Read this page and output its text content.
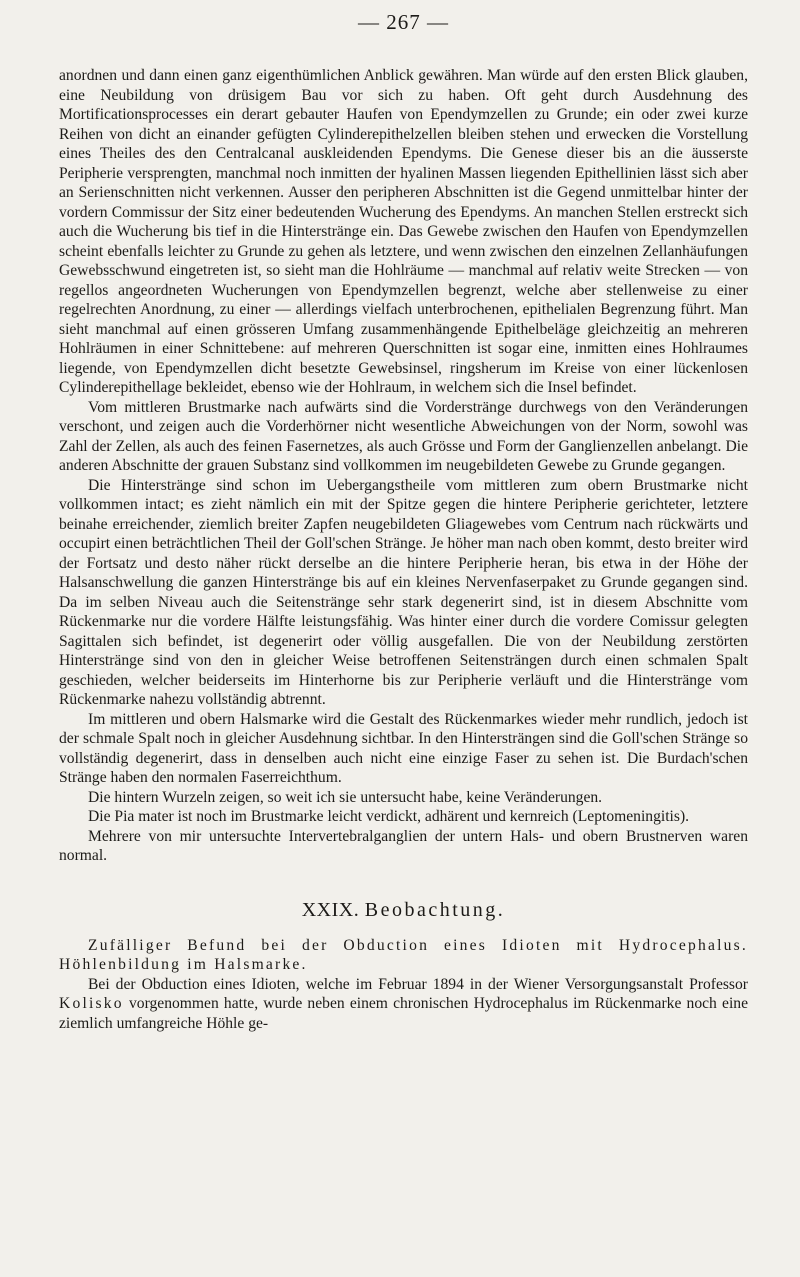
— 267 —

anordnen und dann einen ganz eigenthümlichen Anblick gewähren. Man würde auf den ersten Blick glauben, eine Neubildung von drüsigem Bau vor sich zu haben. Oft geht durch Ausdehnung des Mortificationsprocesses ein derart gebauter Haufen von Ependymzellen zu Grunde; ein oder zwei kurze Reihen von dicht an einander gefügten Cylinderepithelzellen bleiben stehen und erwecken die Vorstellung eines Theiles des den Centralcanal auskleidenden Ependyms. Die Genese dieser bis an die äusserste Peripherie versprengten, manchmal noch inmitten der hyalinen Massen liegenden Epithellinien lässt sich aber an Serienschnitten nicht verkennen. Ausser den peripheren Abschnitten ist die Gegend unmittelbar hinter der vordern Commissur der Sitz einer bedeutenden Wucherung des Ependyms. An manchen Stellen erstreckt sich auch die Wucherung bis tief in die Hinterstränge ein. Das Gewebe zwischen den Haufen von Ependymzellen scheint ebenfalls leichter zu Grunde zu gehen als letztere, und wenn zwischen den einzelnen Zellanhäufungen Gewebsschwund eingetreten ist, so sieht man die Hohlräume — manchmal auf relativ weite Strecken — von regellos angeordneten Wucherungen von Ependymzellen begrenzt, welche aber stellenweise zu einer regelrechten Anordnung, zu einer — allerdings vielfach unterbrochenen, epithelialen Begrenzung führt. Man sieht manchmal auf einen grösseren Umfang zusammenhängende Epithelbeläge gleichzeitig an mehreren Hohlräumen in einer Schnittebene: auf mehreren Querschnitten ist sogar eine, inmitten eines Hohlraumes liegende, von Ependymzellen dicht besetzte Gewebsinsel, ringsherum im Kreise von einer lückenlosen Cylinderepithellage bekleidet, ebenso wie der Hohlraum, in welchem sich die Insel befindet.

Vom mittleren Brustmarke nach aufwärts sind die Vorderstränge durchwegs von den Veränderungen verschont, und zeigen auch die Vorderhörner nicht wesentliche Abweichungen von der Norm, sowohl was Zahl der Zellen, als auch des feinen Fasernetzes, als auch Grösse und Form der Ganglienzellen anbelangt. Die anderen Abschnitte der grauen Substanz sind vollkommen im neugebildeten Gewebe zu Grunde gegangen.

Die Hinterstränge sind schon im Uebergangstheile vom mittleren zum obern Brustmarke nicht vollkommen intact; es zieht nämlich ein mit der Spitze gegen die hintere Peripherie gerichteter, letztere beinahe erreichender, ziemlich breiter Zapfen neugebildeten Gliagewebes vom Centrum nach rückwärts und occupirt einen beträchtlichen Theil der Goll'schen Stränge. Je höher man nach oben kommt, desto breiter wird der Fortsatz und desto näher rückt derselbe an die hintere Peripherie heran, bis etwa in der Höhe der Halsanschwellung die ganzen Hinterstränge bis auf ein kleines Nervenfaserpaket zu Grunde gegangen sind. Da im selben Niveau auch die Seitenstränge sehr stark degenerirt sind, ist in diesem Abschnitte vom Rückenmarke nur die vordere Hälfte leistungsfähig. Was hinter einer durch die vordere Comissur gelegten Sagittalen sich befindet, ist degenerirt oder völlig ausgefallen. Die von der Neubildung zerstörten Hinterstränge sind von den in gleicher Weise betroffenen Seitensträngen durch einen schmalen Spalt geschieden, welcher beiderseits im Hinterhorne bis zur Peripherie verläuft und die Hinterstränge vom Rückenmarke nahezu vollständig abtrennt.

Im mittleren und obern Halsmarke wird die Gestalt des Rückenmarkes wieder mehr rundlich, jedoch ist der schmale Spalt noch in gleicher Ausdehnung sichtbar. In den Hintersträngen sind die Goll'schen Stränge so vollständig degenerirt, dass in denselben auch nicht eine einzige Faser zu sehen ist. Die Burdach'schen Stränge haben den normalen Faserreichthum.

Die hintern Wurzeln zeigen, so weit ich sie untersucht habe, keine Veränderungen.

Die Pia mater ist noch im Brustmarke leicht verdickt, adhärent und kernreich (Leptomeningitis).

Mehrere von mir untersuchte Intervertebralganglien der untern Hals- und obern Brustnerven waren normal.

XXIX. Beobachtung.

Zufälliger Befund bei der Obduction eines Idioten mit Hydrocephalus. Höhlenbildung im Halsmarke.

Bei der Obduction eines Idioten, welche im Februar 1894 in der Wiener Versorgungsanstalt Professor Kolisko vorgenommen hatte, wurde neben einem chronischen Hydrocephalus im Rückenmarke noch eine ziemlich umfangreiche Höhle ge-
